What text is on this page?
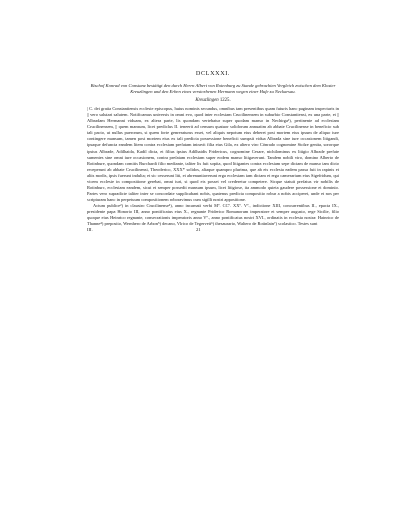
DCLXXXI.
Bischof Konrad von Constanz bestätigt den durch Herrn Albert von Rotenburg zu Stande gebrachten Vergleich zwischen dem Kloster Kreuzlingen und den Erben eines verstorbenen Hermann wegen einer Hufe zu Neckarsau.
Kreuzlingen 1225.

| C. dei gratia Constantiensis ecclesie episcopus, huius nominis secundus, omnibus tam presentibus quam futuris hanc paginam inspecturis in || vero salutari salutem. Notificamus universis in omni evo, quod inter ecclesiam Crucilinensem in suburbio Constantiensi, ex una parte, et || Albradam Hermanni viduam, ex altera parte, lis quondam vertebatur super quodam manso in Nechirga¹), pertinente ad ecclesiam Crucilinensem, || quem mansum, licet prediclus II. teneerit ad censum quatuor solidorum annuatim ab abbate Crucilinense in beneficio sub tali pacto, ut nullus puerorum, si quem forte genreraturus esset, vel aliquis nepotum eius deberet post mortem eius ipsum de aliquo iure contingere mansum, tamen post mortem eius ex tali predicta possessione beneficii sumpsit vidua Albrada sine iure occasionem litigandi, ipsaque defuncta eandem litem contra ecclesiam prefatam intravit filia eius Gila, ex altero viro Cŏnrado cognomine Stolze genita, sororque ipsius Albrade, Adilhaida, Kadil dicta, et filius ipsius Adilhaidis Fridericus, cognomine Cesare, nichilominus ex litigio Albrade prefate sumentes sine omni iure occasionem, contra prefatam ecclesiam super eodem manso litigaverunt. Tandem nobili viro, domino Alberto de Rotinbure, quondam comitis Burchardi filio mediante, taliter lis fuit sopita, quod litigantes contra ecclesiam sepe dictam de manso iam dicto receperunt ab abbate Crucilinensi, Theoderico, XXX* solidos, aliaque quampro plurima, que ab eis ecclesia eadem passa fuit in rapinis et aliis modis, ipsis fuerunt indulta; et sic cesserunt liti, et abrenuntiaverunt erga ecclesiam iam dictam et erga camerarium eius Sigefridum, qui vicem ecclesie in compositione gerebat, omni iuri, si quod eis posset vel crederetur competere. Sicque statuit prefatus vir nobilis de Rotinburc, ecclesiam eandem, sicut et semper possedit mansum ipsum, licet litigiose, ita ammodo quieta gaudere possessione et dominio. Partes vero supradicte taliter inter se concordate supplicabant nobis, quatenus predicta compositio robur a nobis acciperet, unde et nos per scripturam hanc in perpetuum compositionem roboravimus cum sigilli nostri appositione.

Actum publice²) in claustro Crucilinense³), anno incarnati verbi Mº. CCº. XXº. Vº., indictione XIII, concurrentibus II., epacta IX., presidente papa Honorio III, anno pontificatus eius X., regnante Friderico Romanorum imperatore et semper augusto, rege Sicilie, filio quoque eius Heinrico regnante, consecrationis imperatoris anno Vº., anno pontificatus nostri XVI., ordinatis in ecclesia nostra: Hainrico de Thanne⁴) preposito, Wernhero de Arbon⁵) decano, Vlrico de Tegerveit⁶) thesaurario, Waltero de Rotinlain⁷) scolastico. Testes sunt

III.	21
